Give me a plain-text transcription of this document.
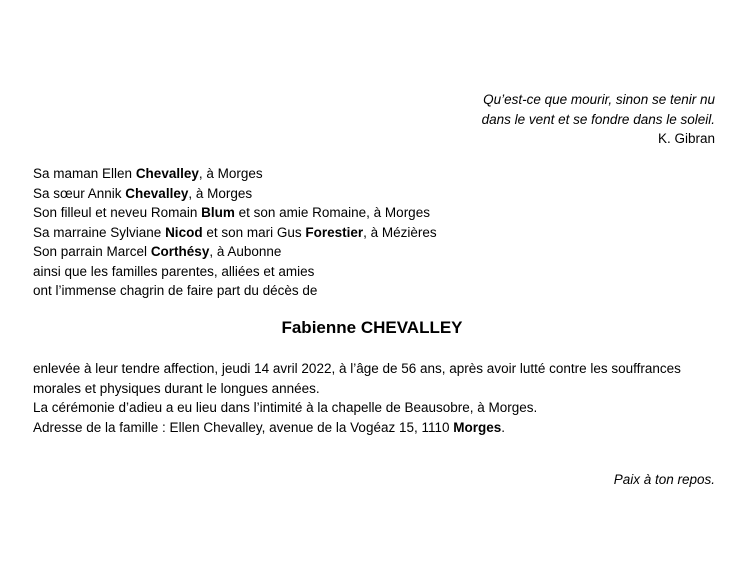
Qu’est-ce que mourir, sinon se tenir nu
dans le vent et se fondre dans le soleil.
K. Gibran
Sa maman Ellen Chevalley, à Morges
Sa sœur Annik Chevalley, à Morges
Son filleul et neveu Romain Blum et son amie Romaine, à Morges
Sa marraine Sylviane Nicod et son mari Gus Forestier, à Mézières
Son parrain Marcel Corthésy, à Aubonne
ainsi que les familles parentes, alliées et amies
ont l’immense chagrin de faire part du décès de
Fabienne CHEVALLEY
enlevée à leur tendre affection, jeudi 14 avril 2022, à l’âge de 56 ans, après avoir lutté contre les souffrances morales et physiques durant le longues années.
La cérémonie d’adieu a eu lieu dans l’intimité à la chapelle de Beausobre, à Morges.
Adresse de la famille : Ellen Chevalley, avenue de la Vogéaz 15, 1110 Morges.
Paix à ton repos.
